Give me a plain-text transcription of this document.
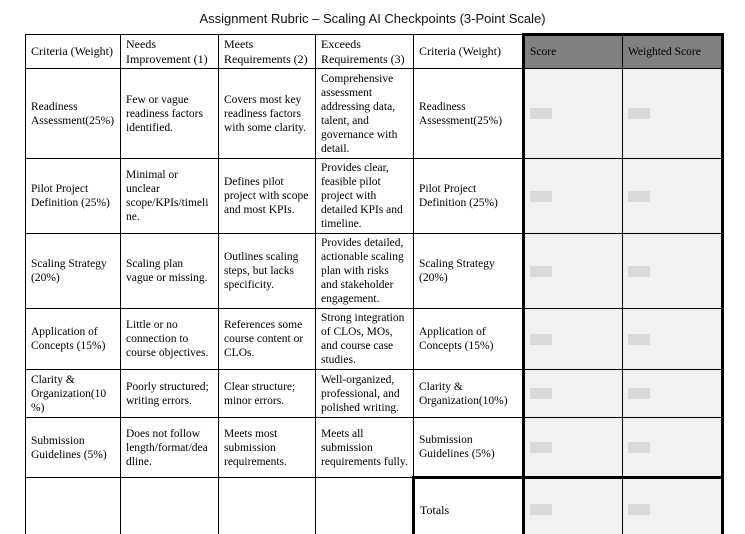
Assignment Rubric – Scaling AI Checkpoints (3-Point Scale)
Criteria (Weight)	Needs Improvement (1)	Meets Requirements (2)	Exceeds Requirements (3)	Criteria (Weight)	Score	Weighted Score
Readiness Assessment(25%)	Few or vague readiness factors identified.	Covers most key readiness factors with some clarity.	Comprehensive assessment addressing data, talent, and governance with detail.	Readiness Assessment(25%)	

Pilot Project Definition (25%)	Minimal or unclear scope/KPIs/timeline.	Defines pilot project with scope and most KPIs.	Provides clear, feasible pilot project with detailed KPIs and timeline.	Pilot Project Definition (25%)	

Scaling Strategy (20%)	Scaling plan vague or missing.	Outlines scaling steps, but lacks specificity.	Provides detailed, actionable scaling plan with risks and stakeholder engagement.	Scaling Strategy (20%)	

Application of Concepts (15%)	Little or no connection to course objectives.	References some course content or CLOs.	Strong integration of CLOs, MOs, and course case studies.	Application of Concepts (15%)	

Clarity & Organization(10%)	Poorly structured; writing errors.	Clear structure; minor errors.	Well-organized, professional, and polished writing.	Clarity & Organization(10%)	

Submission Guidelines (5%)	Does not follow length/format/deadline.	Meets most submission requirements.	Meets all submission requirements fully.	Submission Guidelines (5%)	

				Totals	
